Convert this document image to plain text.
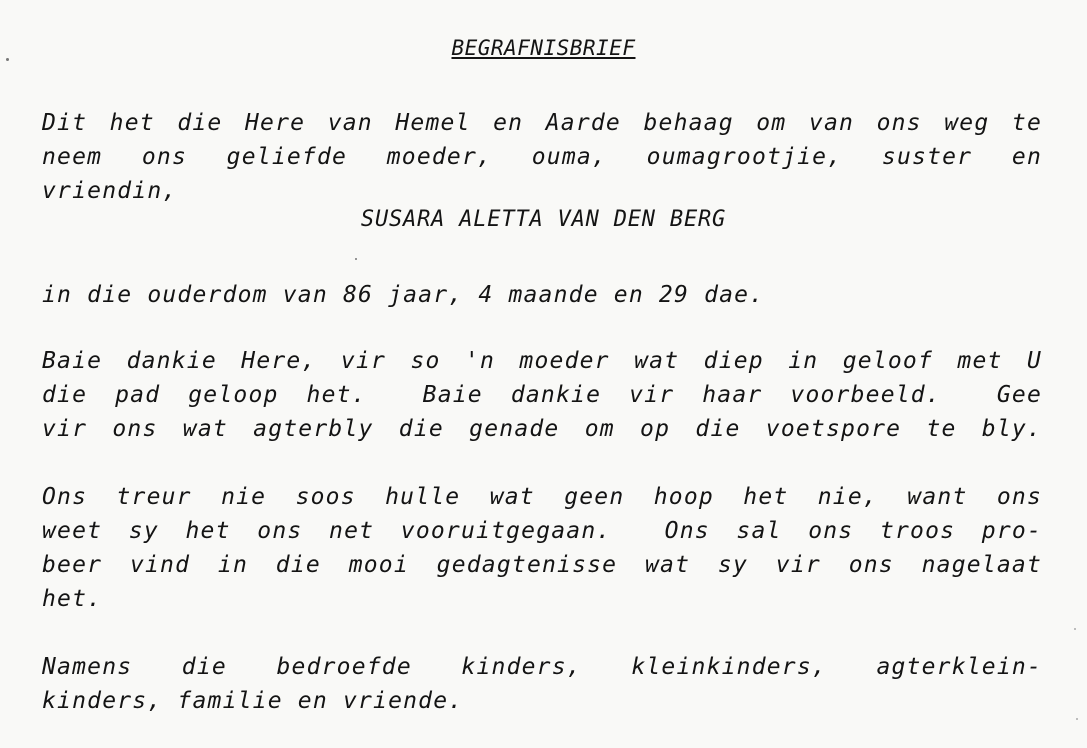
BEGRAFNISBRIEF
Dit het die Here van Hemel en Aarde behaag om van ons weg te
neem ons geliefde moeder, ouma, oumagrootjie, suster en
vriendin,
SUSARA ALETTA VAN DEN BERG
in die ouderdom van 86 jaar, 4 maande en 29 dae.
Baie dankie Here, vir so 'n moeder wat diep in geloof met U
die pad geloop het.  Baie dankie vir haar voorbeeld.  Gee
vir ons wat agterbly die genade om op die voetspore te bly.
Ons treur nie soos hulle wat geen hoop het nie, want ons
weet sy het ons net vooruitgegaan.  Ons sal ons troos pro-
beer vind in die mooi gedagtenisse wat sy vir ons nagelaat
het.
Namens die bedroefde kinders, kleinkinders, agterklein-
kinders, familie en vriende.
